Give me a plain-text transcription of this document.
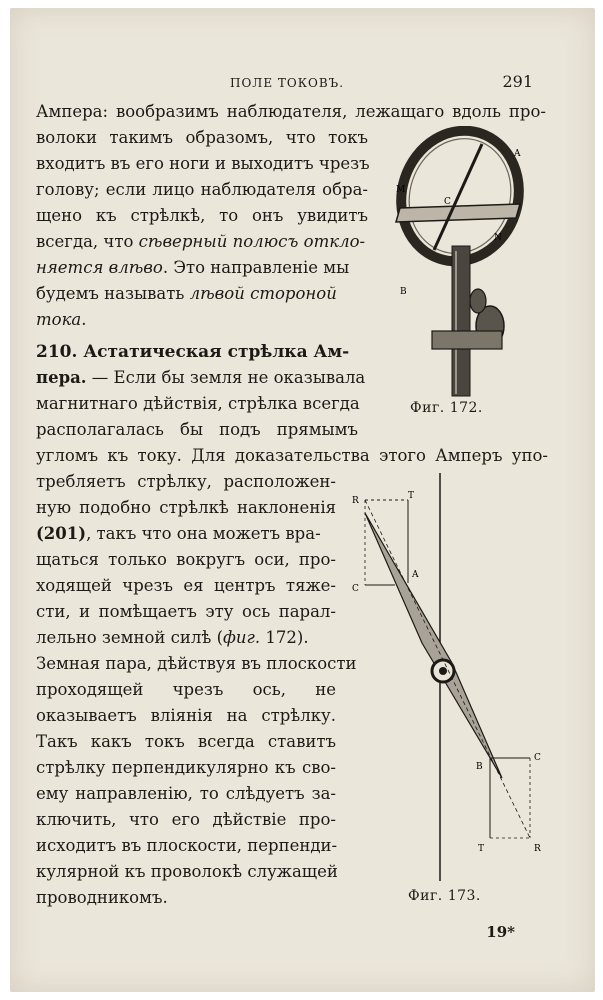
ПОЛЕ ТОКОВЪ.	291
Ампера: вообразимъ наблюдателя, лежащаго вдоль про-
волоки такимъ образомъ, что токъ
входитъ въ его ноги и выходитъ чрезъ
голову; если лицо наблюдателя обра-
щено къ стрѣлкѣ, то онъ увидитъ
всегда, что сѣверный полюсъ откло-
няется влѣво. Это направленіе мы
будемъ называть лѣвой стороной
тока.
210. Астатическая стрѣлка Ам-
пера. — Если бы земля не оказывала
магнитнаго дѣйствія, стрѣлка всегда
располагалась бы подъ прямымъ
угломъ къ току. Для доказательства этого Амперъ упо-
требляетъ стрѣлку, расположен-
ную подобно стрѣлкѣ наклоненія
(201), такъ что она можетъ вра-
щаться только вокругъ оси, про-
ходящей чрезъ ея центръ тяже-
сти, и помѣщаетъ эту ось парал-
лельно земной силѣ (фиг. 172).
Земная пара, дѣйствуя въ плоскости
проходящей чрезъ ось, не
оказываетъ вліянія на стрѣлку.
Такъ какъ токъ всегда ставитъ
стрѣлку перпендикулярно къ сво-
ему направленію, то слѣдуетъ за-
ключить, что его дѣйствіе про-
исходитъ въ плоскости, перпенди-
кулярной къ проволокѣ служащей
проводникомъ.
A
M
C
N
B
Фиг. 172.
R	T
C
A
B
C
T	R
Фиг. 173.
19*
